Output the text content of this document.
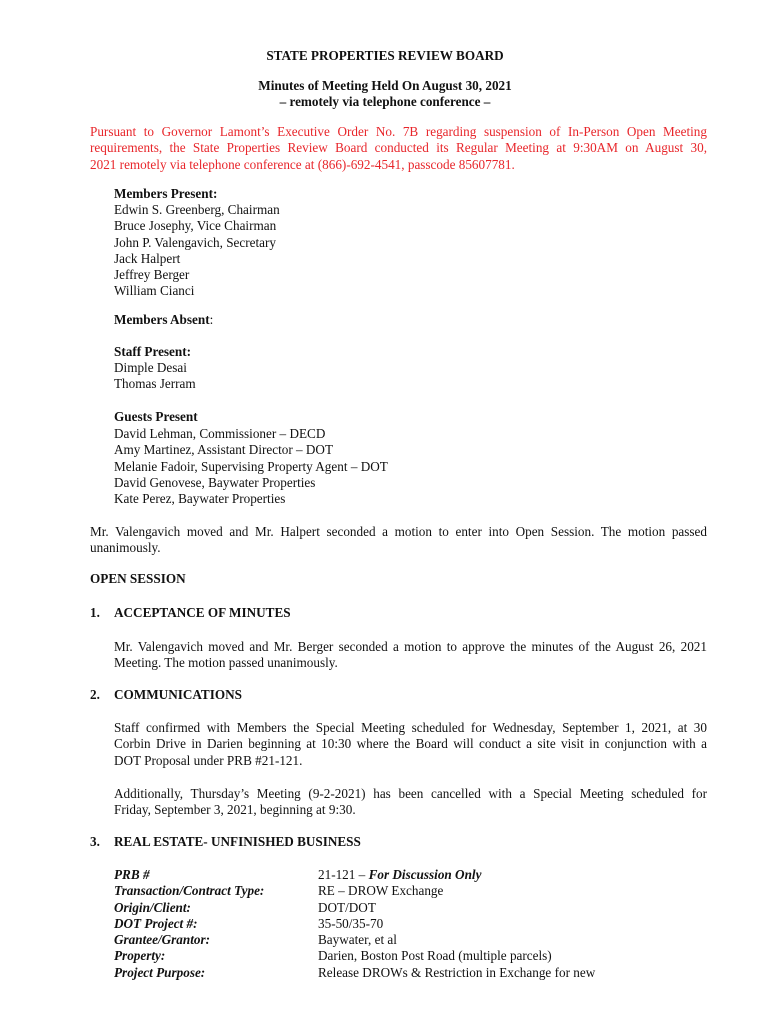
STATE PROPERTIES REVIEW BOARD
Minutes of Meeting Held On August 30, 2021
– remotely via telephone conference –
Pursuant to Governor Lamont’s Executive Order No. 7B regarding suspension of In-Person Open Meeting
requirements, the State Properties Review Board conducted its Regular Meeting at 9:30AM on August 30,
2021 remotely via telephone conference at (866)-692-4541, passcode 85607781.
Members Present:
Edwin S. Greenberg, Chairman
Bruce Josephy, Vice Chairman
John P. Valengavich, Secretary
Jack Halpert
Jeffrey Berger
William Cianci
Members Absent:
Staff Present:
Dimple Desai
Thomas Jerram
Guests Present
David Lehman, Commissioner – DECD
Amy Martinez, Assistant Director – DOT
Melanie Fadoir, Supervising Property Agent – DOT
David Genovese, Baywater Properties
Kate Perez, Baywater Properties
Mr. Valengavich moved and Mr. Halpert seconded a motion to enter into Open Session. The motion passed
unanimously.
OPEN SESSION
1. ACCEPTANCE OF MINUTES
Mr. Valengavich moved and Mr. Berger seconded a motion to approve the minutes of the August 26, 2021
Meeting. The motion passed unanimously.
2. COMMUNICATIONS
Staff confirmed with Members the Special Meeting scheduled for Wednesday, September 1, 2021, at 30
Corbin Drive in Darien beginning at 10:30 where the Board will conduct a site visit in conjunction with a
DOT Proposal under PRB #21-121.
Additionally, Thursday’s Meeting (9-2-2021) has been cancelled with a Special Meeting scheduled for
Friday, September 3, 2021, beginning at 9:30.
3. REAL ESTATE- UNFINISHED BUSINESS
PRB #	21-121 – For Discussion Only
Transaction/Contract Type:	RE – DROW Exchange
Origin/Client:	DOT/DOT
DOT Project #:	35-50/35-70
Grantee/Grantor:	Baywater, et al
Property:	Darien, Boston Post Road (multiple parcels)
Project Purpose:	Release DROWs & Restriction in Exchange for new
